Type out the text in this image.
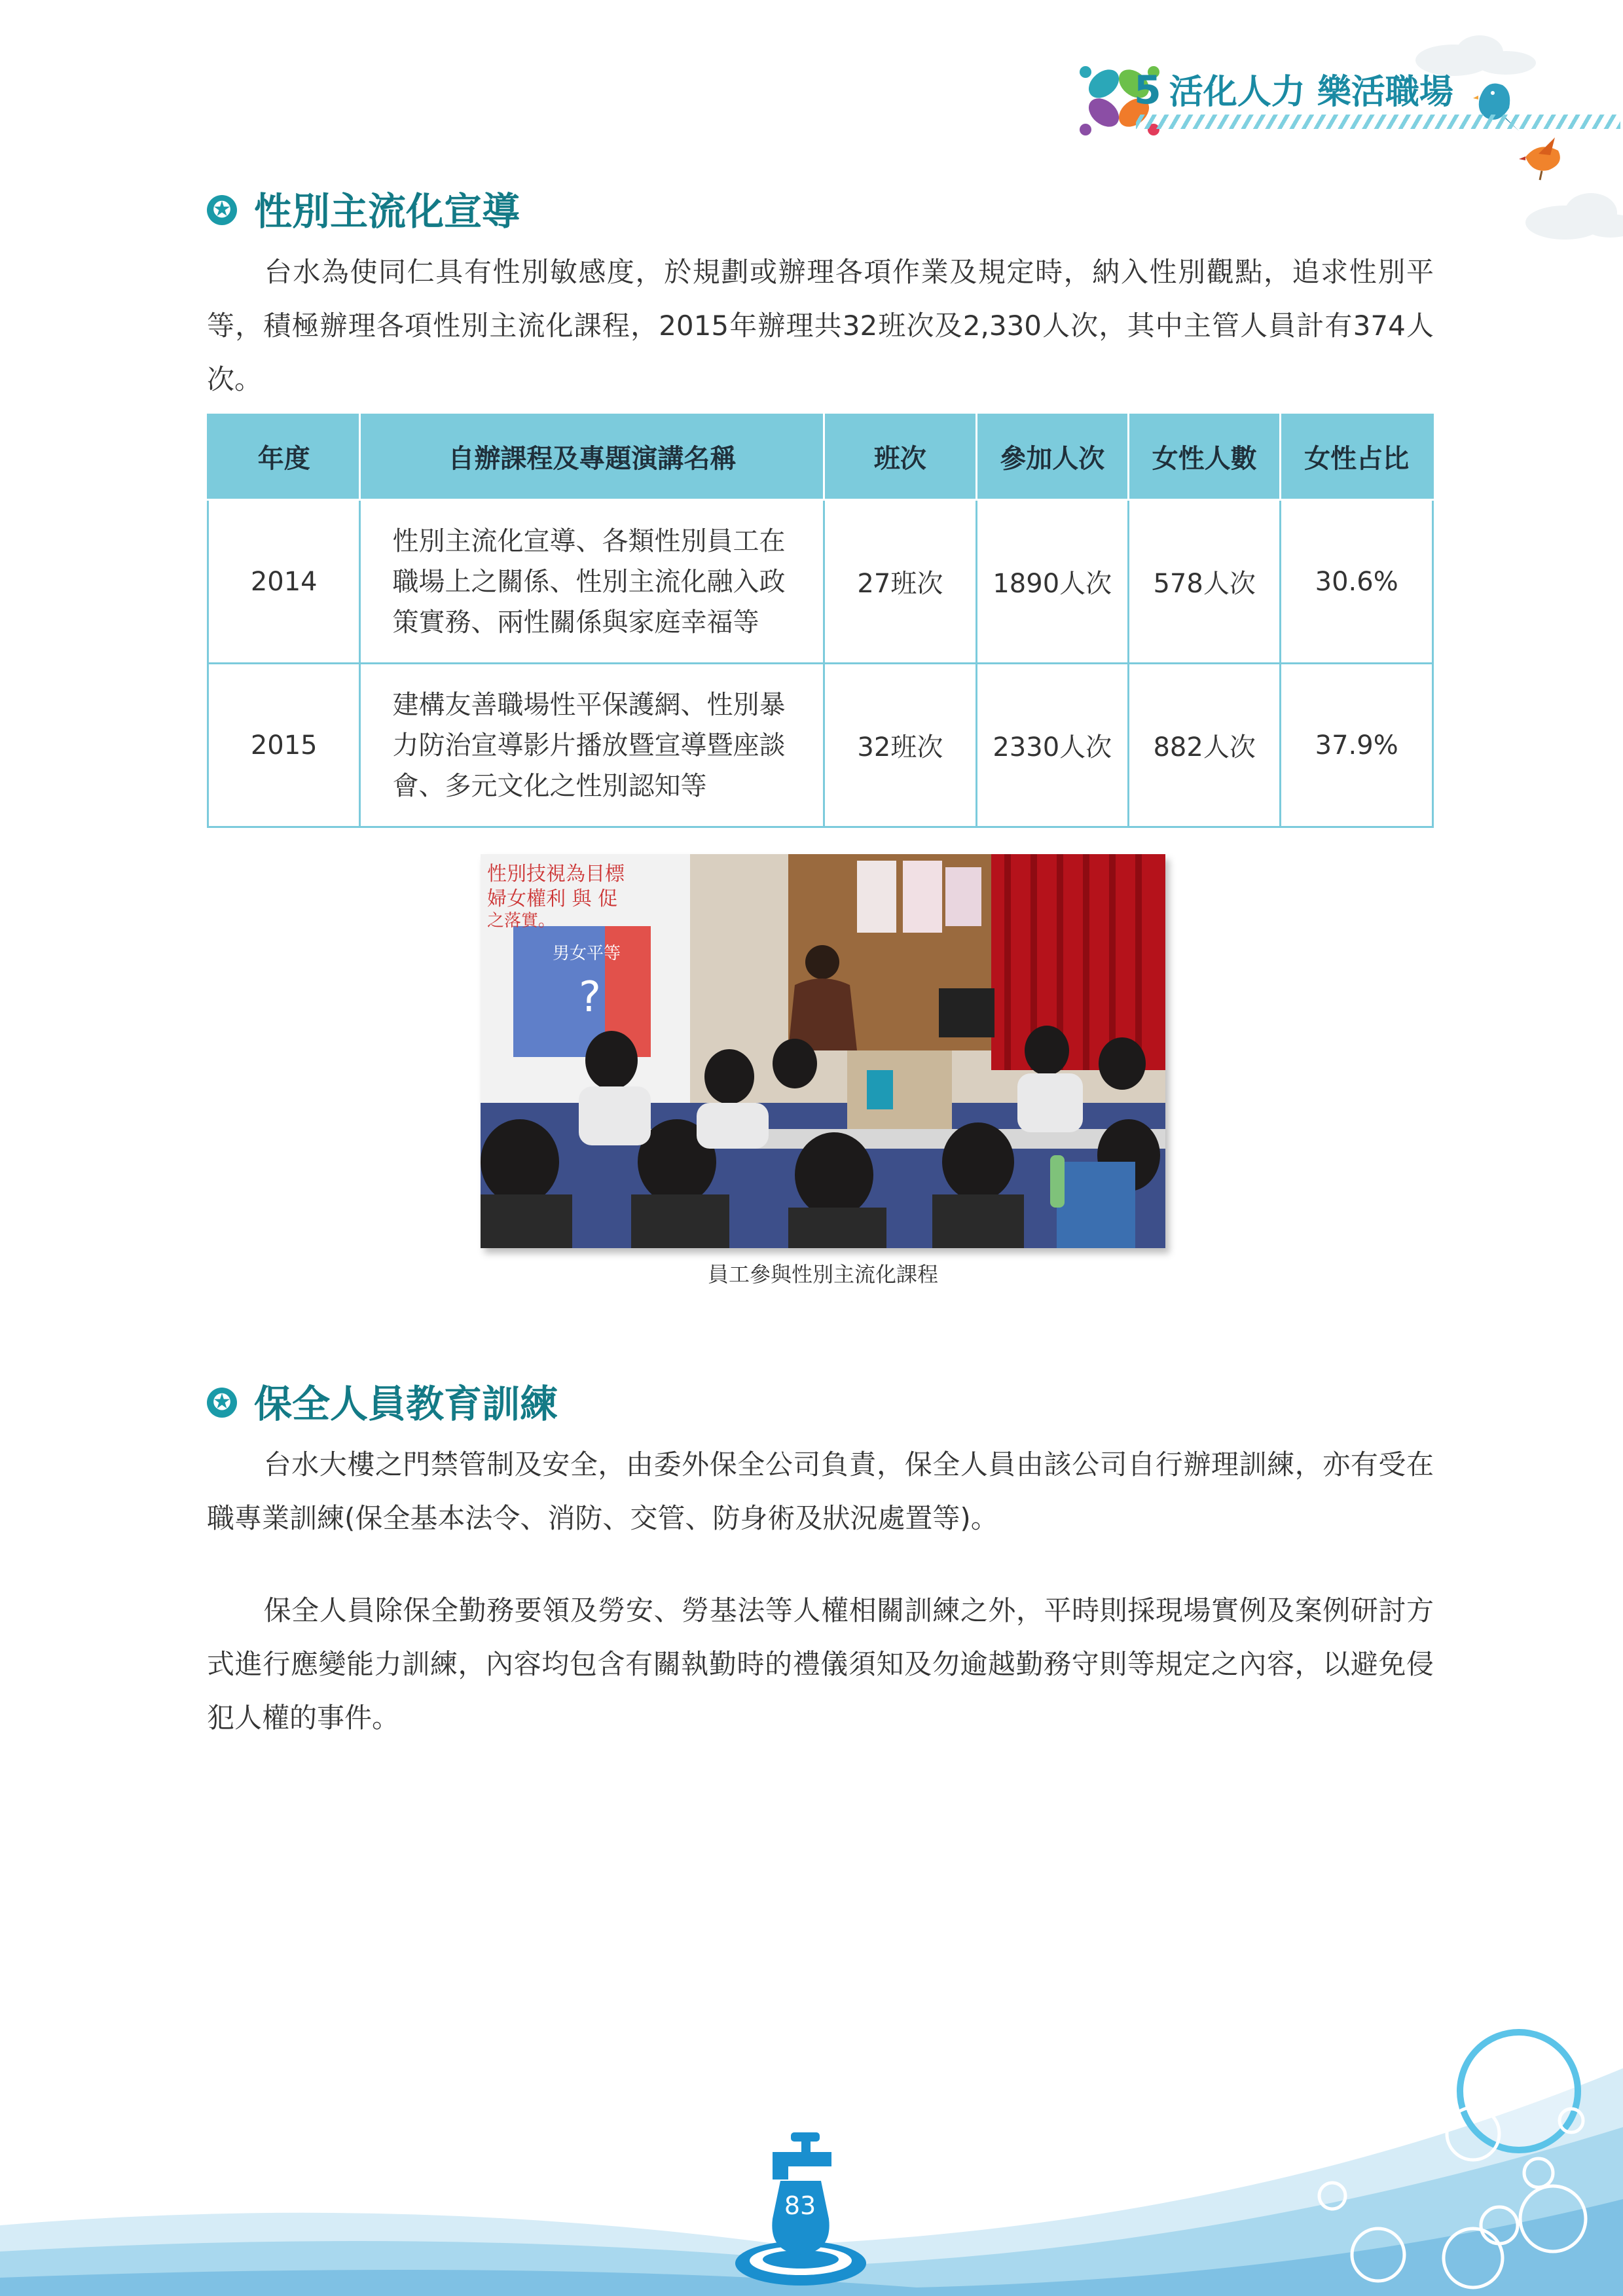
5 活化人力 樂活職場
✪ 性別主流化宣導

台水為使同仁具有性別敏感度，於規劃或辦理各項作業及規定時，納入性別觀點，追求性別平等，積極辦理各項性別主流化課程，2015年辦理共32班次及2,330人次，其中主管人員計有374人次。

年度	自辦課程及專題演講名稱	班次	參加人次	女性人數	女性占比
2014	性別主流化宣導、各類性別員工在
職場上之關係、性別主流化融入政
策實務、兩性關係與家庭幸福等	27班次	1890人次	578人次	30.6%
2015	建構友善職場性平保護網、性別暴
力防治宣導影片播放暨宣導暨座談
會、多元文化之性別認知等	32班次	2330人次	882人次	37.9%
性別技視為目標
婦女權利 與 促
之落實。
男女平等
?
員工參與性別主流化課程
✪ 保全人員教育訓練

台水大樓之門禁管制及安全，由委外保全公司負責，保全人員由該公司自行辦理訓練，亦有受在職專業訓練(保全基本法令、消防、交管、防身術及狀況處置等)。

保全人員除保全勤務要領及勞安、勞基法等人權相關訓練之外，平時則採現場實例及案例研討方式進行應變能力訓練，內容均包含有關執勤時的禮儀須知及勿逾越勤務守則等規定之內容，以避免侵犯人權的事件。

83
